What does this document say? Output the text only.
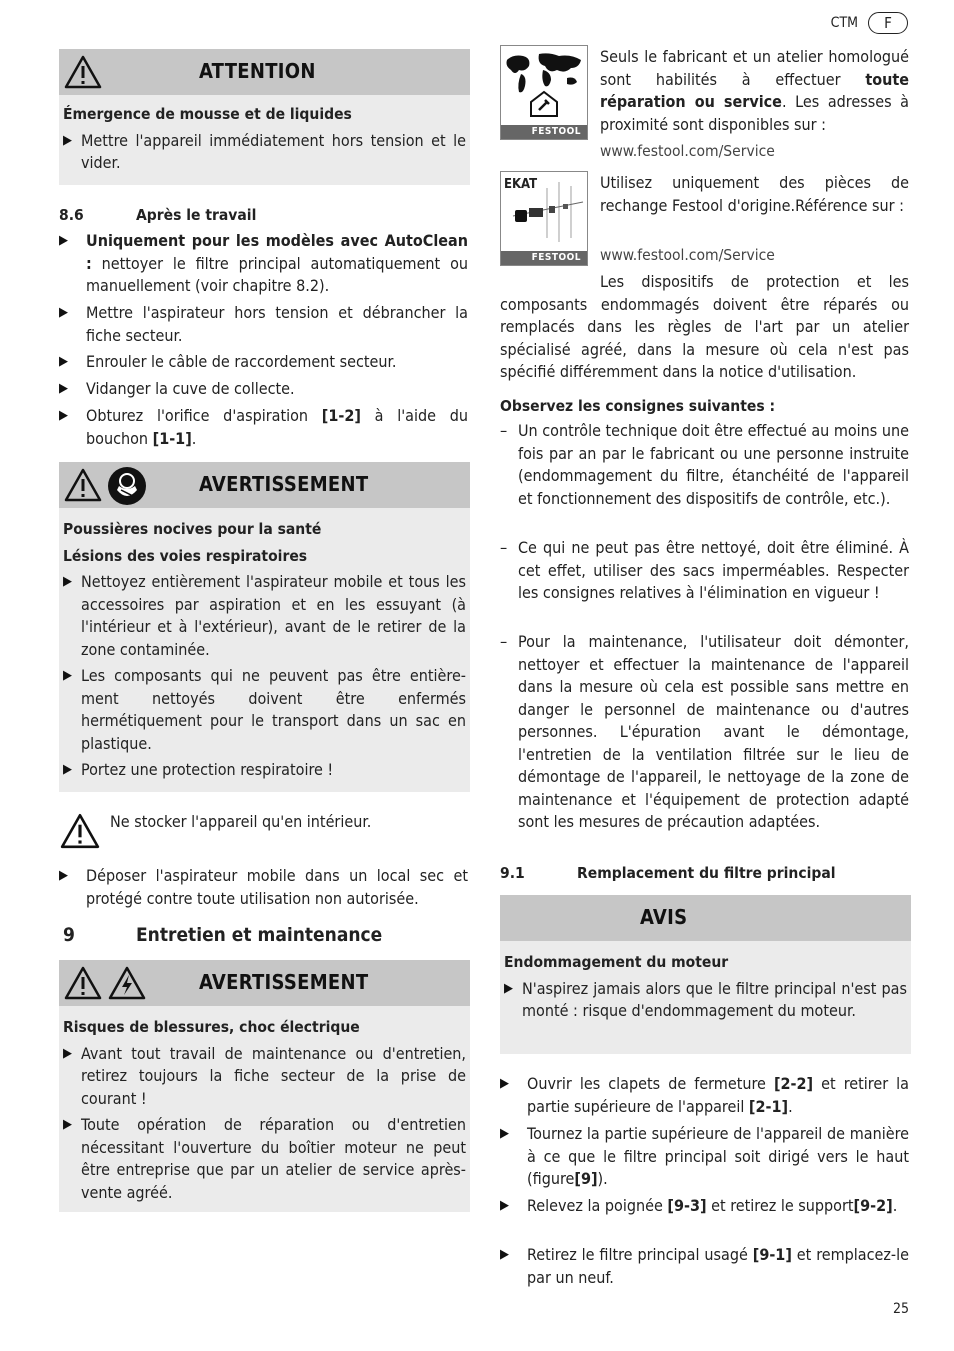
CTM	F
ATTENTION
Émergence de mousse et de liquides
▶ Mettre l'appareil immédiatement hors tension et le vider.
8.6	Après le travail
▶ Uniquement pour les modèles avec AutoClean : nettoyer le filtre principal automatiquement ou manuellement (voir chapitre 8.2).
▶ Mettre l'aspirateur hors tension et débrancher la fiche secteur.
▶ Enrouler le câble de raccordement secteur.
▶ Vidanger la cuve de collecte.
▶ Obturez l'orifice d'aspiration [1-2] à l'aide du bouchon [1-1].
AVERTISSEMENT
Poussières nocives pour la santé
Lésions des voies respiratoires
▶ Nettoyez entièrement l'aspirateur mobile et tous les accessoires par aspiration et en les essuyant (à l'intérieur et à l'extérieur), avant de le retirer de la zone contaminée.
▶ Les composants qui ne peuvent pas être entière-ment nettoyés doivent être enfermés hermétiquement pour le transport dans un sac en plastique.
▶ Portez une protection respiratoire !
Ne stocker l'appareil qu'en intérieur.
▶ Déposer l'aspirateur mobile dans un local sec et protégé contre toute utilisation non autorisée.
9	Entretien et maintenance
AVERTISSEMENT
Risques de blessures, choc électrique
▶ Avant tout travail de maintenance ou d'entretien, retirez toujours la fiche secteur de la prise de courant !
▶ Toute opération de réparation ou d'entretien nécessitant l'ouverture du boîtier moteur ne peut être entreprise que par un atelier de service après-vente agréé.
FESTOOL
Seuls le fabricant et un atelier homologué sont habilités à effectuer toute réparation ou service. Les adresses à proximité sont disponibles sur :
www.festool.com/Service
EKAT
FESTOOL
Utilisez uniquement des pièces de rechange Festool d'origine.Référence sur :
www.festool.com/Service
Les dispositifs de protection et les composants endommagés doivent être réparés ou remplacés dans les règles de l'art par un atelier spécialisé agréé, dans la mesure où cela n'est pas spécifié différemment dans la notice d'utilisation.
Observez les consignes suivantes :
– Un contrôle technique doit être effectué au moins une fois par an par le fabricant ou une personne instruite (endommagement du filtre, étanchéité de l'appareil et fonctionnement des dispositifs de contrôle, etc.).
– Ce qui ne peut pas être nettoyé, doit être éliminé. À cet effet, utiliser des sacs imperméables. Respecter les consignes relatives à l'élimination en vigueur !
– Pour la maintenance, l'utilisateur doit démonter, nettoyer et effectuer la maintenance de l'appareil dans la mesure où cela est possible sans mettre en danger le personnel de maintenance ou d'autres personnes. L'épuration avant le démontage, l'entretien de la ventilation filtrée sur le lieu de démontage de l'appareil, le nettoyage de la zone de maintenance et l'équipement de protection adapté sont les mesures de précaution adaptées.
9.1	Remplacement du filtre principal
AVIS
Endommagement du moteur
▶ N'aspirez jamais alors que le filtre principal n'est pas monté : risque d'endommagement du moteur.
▶ Ouvrir les clapets de fermeture [2-2] et retirer la partie supérieure de l'appareil [2-1].
▶ Tournez la partie supérieure de l'appareil de manière à ce que le filtre principal soit dirigé vers le haut (figure[9]).
▶ Relevez la poignée [9-3] et retirez le support[9-2].
▶ Retirez le filtre principal usagé [9-1] et remplacez-le par un neuf.
25
